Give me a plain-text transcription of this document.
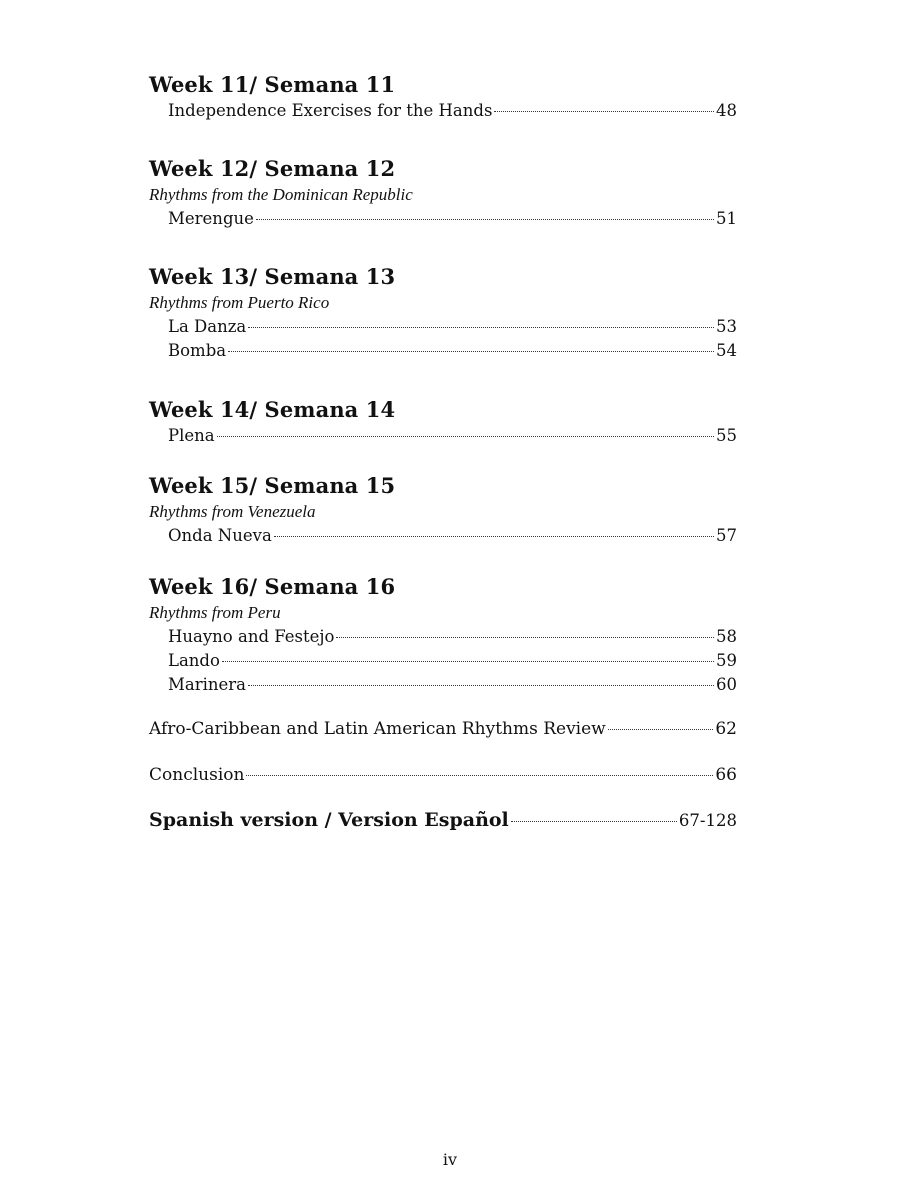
Week 11/ Semana 11
Independence Exercises for the Hands	48
Week 12/ Semana 12
Rhythms from the Dominican Republic
Merengue	51
Week 13/ Semana 13
Rhythms from Puerto Rico
La Danza	53
Bomba	54
Week 14/ Semana 14
Plena	55
Week 15/ Semana 15
Rhythms from Venezuela
Onda Nueva	57
Week 16/ Semana 16
Rhythms from Peru
Huayno and Festejo	58
Lando	59
Marinera	60
Afro-Caribbean and Latin American Rhythms Review	62
Conclusion	66
Spanish version / Version Español	67-128
iv
